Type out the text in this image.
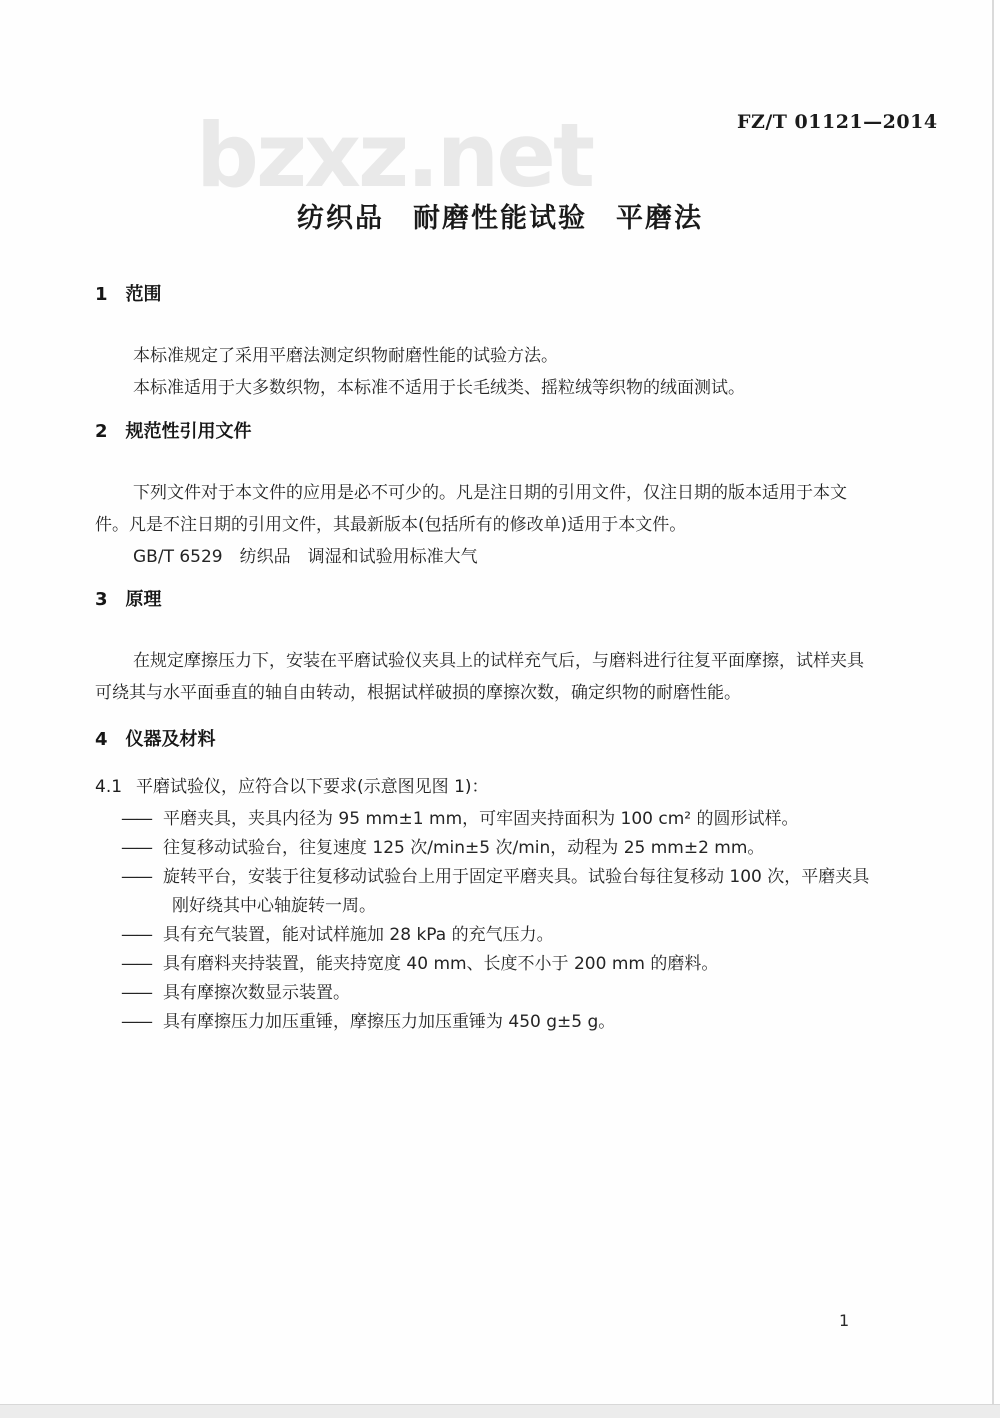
bzxz.net	FZ/T 01121—2014
纺织品　耐磨性能试验　平磨法
1 范围
本标准规定了采用平磨法测定织物耐磨性能的试验方法。
本标准适用于大多数织物，本标准不适用于长毛绒类、摇粒绒等织物的绒面测试。
2 规范性引用文件
下列文件对于本文件的应用是必不可少的。凡是注日期的引用文件，仅注日期的版本适用于本文
件。凡是不注日期的引用文件，其最新版本(包括所有的修改单)适用于本文件。
GB/T 6529　纺织品　调湿和试验用标准大气
3 原理
在规定摩擦压力下，安装在平磨试验仪夹具上的试样充气后，与磨料进行往复平面摩擦，试样夹具
可绕其与水平面垂直的轴自由转动，根据试样破损的摩擦次数，确定织物的耐磨性能。
4 仪器及材料
4.1 平磨试验仪，应符合以下要求(示意图见图 1)：
—— 平磨夹具，夹具内径为 95 mm±1 mm，可牢固夹持面积为 100 cm² 的圆形试样。
—— 往复移动试验台，往复速度 125 次/min±5 次/min，动程为 25 mm±2 mm。
—— 旋转平台，安装于往复移动试验台上用于固定平磨夹具。试验台每往复移动 100 次，平磨夹具
刚好绕其中心轴旋转一周。
—— 具有充气装置，能对试样施加 28 kPa 的充气压力。
—— 具有磨料夹持装置，能夹持宽度 40 mm、长度不小于 200 mm 的磨料。
—— 具有摩擦次数显示装置。
—— 具有摩擦压力加压重锤，摩擦压力加压重锤为 450 g±5 g。
1
